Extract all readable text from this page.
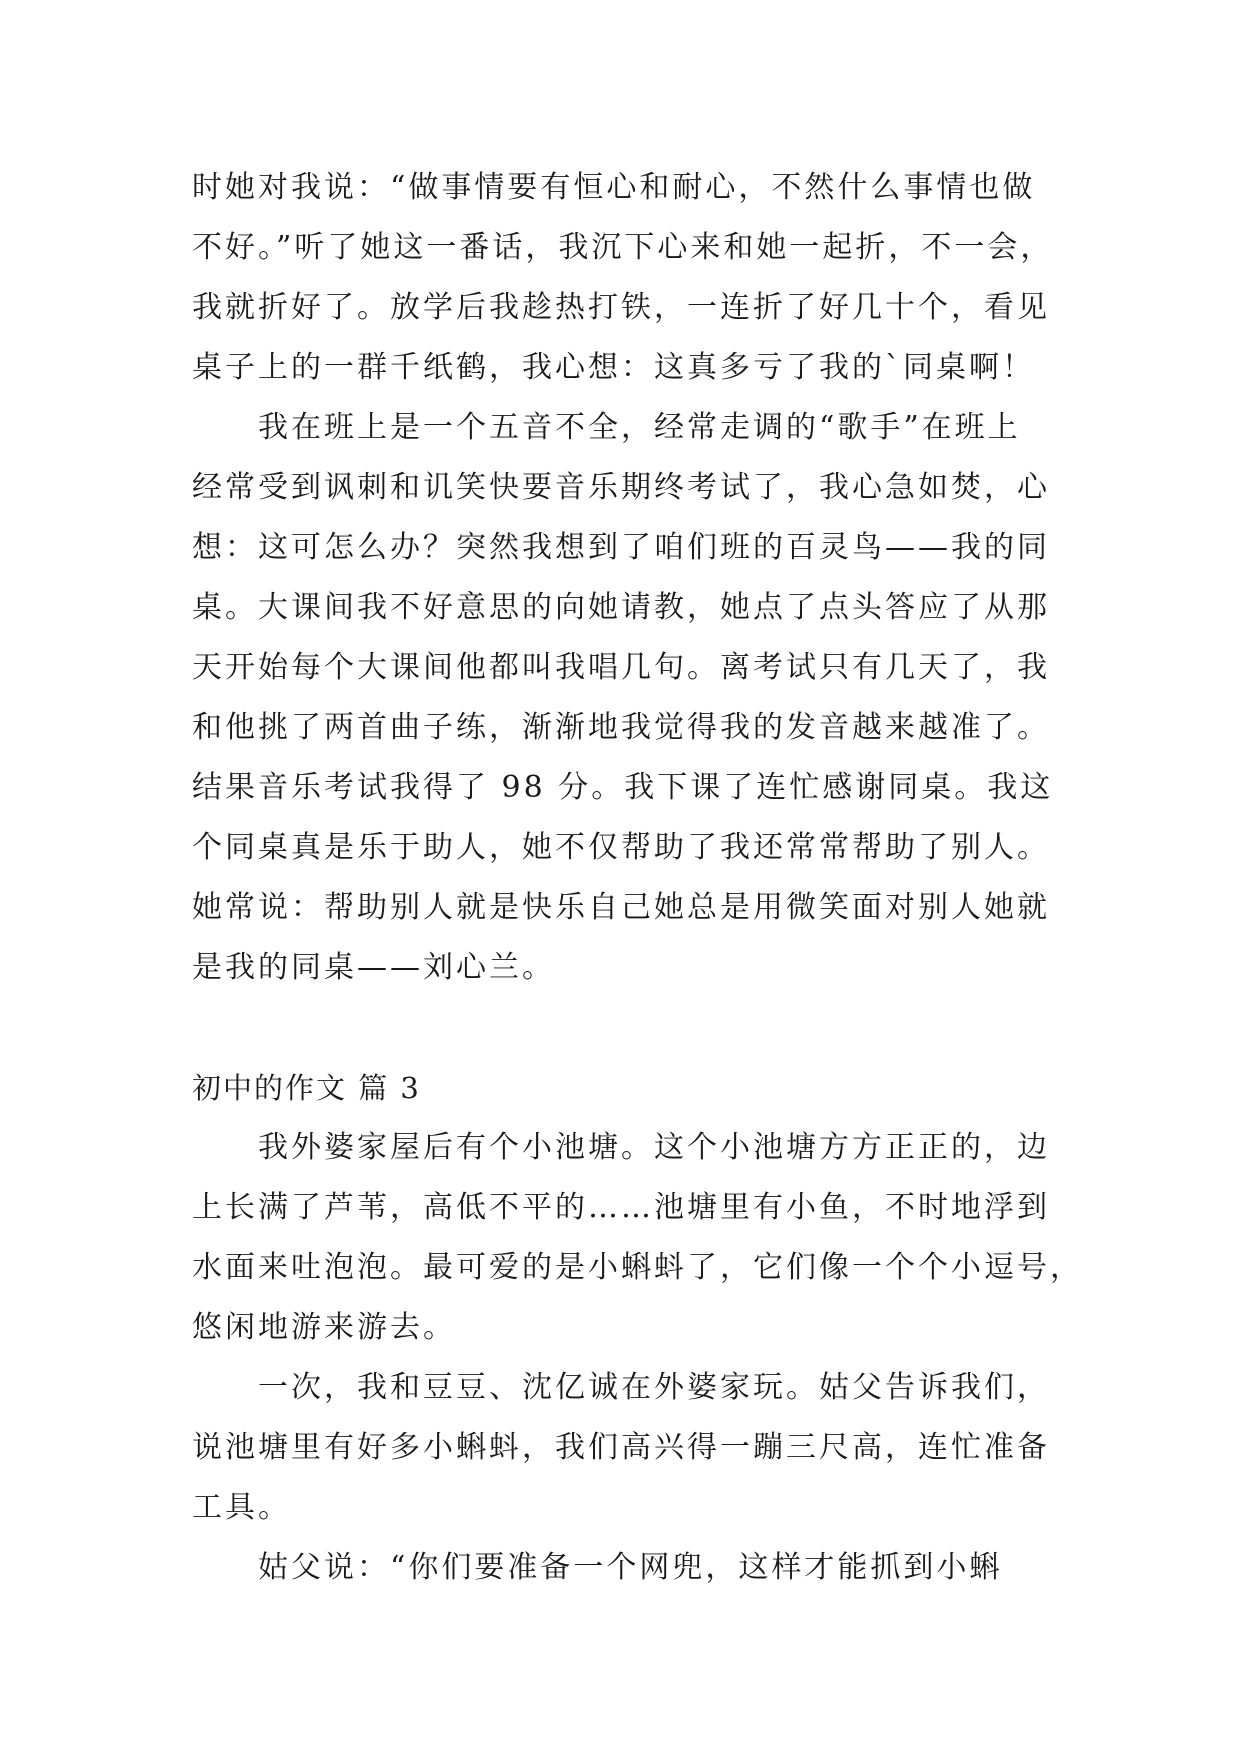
时她对我说：“做事情要有恒心和耐心，不然什么事情也做
不好。”听了她这一番话，我沉下心来和她一起折，不一会，
我就折好了。放学后我趁热打铁，一连折了好几十个，看见
桌子上的一群千纸鹤，我心想：这真多亏了我的`同桌啊！
我在班上是一个五音不全，经常走调的“歌手”在班上
经常受到讽刺和讥笑快要音乐期终考试了，我心急如焚，心
想：这可怎么办？突然我想到了咱们班的百灵鸟——我的同
桌。大课间我不好意思的向她请教，她点了点头答应了从那
天开始每个大课间他都叫我唱几句。离考试只有几天了，我
和他挑了两首曲子练，渐渐地我觉得我的发音越来越准了。
结果音乐考试我得了 98 分。我下课了连忙感谢同桌。我这
个同桌真是乐于助人，她不仅帮助了我还常常帮助了别人。
她常说：帮助别人就是快乐自己她总是用微笑面对别人她就
是我的同桌——刘心兰。
初中的作文 篇 3
我外婆家屋后有个小池塘。这个小池塘方方正正的，边
上长满了芦苇，高低不平的……池塘里有小鱼，不时地浮到
水面来吐泡泡。最可爱的是小蝌蚪了，它们像一个个小逗号，
悠闲地游来游去。
一次，我和豆豆、沈亿诚在外婆家玩。姑父告诉我们，
说池塘里有好多小蝌蚪，我们高兴得一蹦三尺高，连忙准备
工具。
姑父说：“你们要准备一个网兜，这样才能抓到小蝌
